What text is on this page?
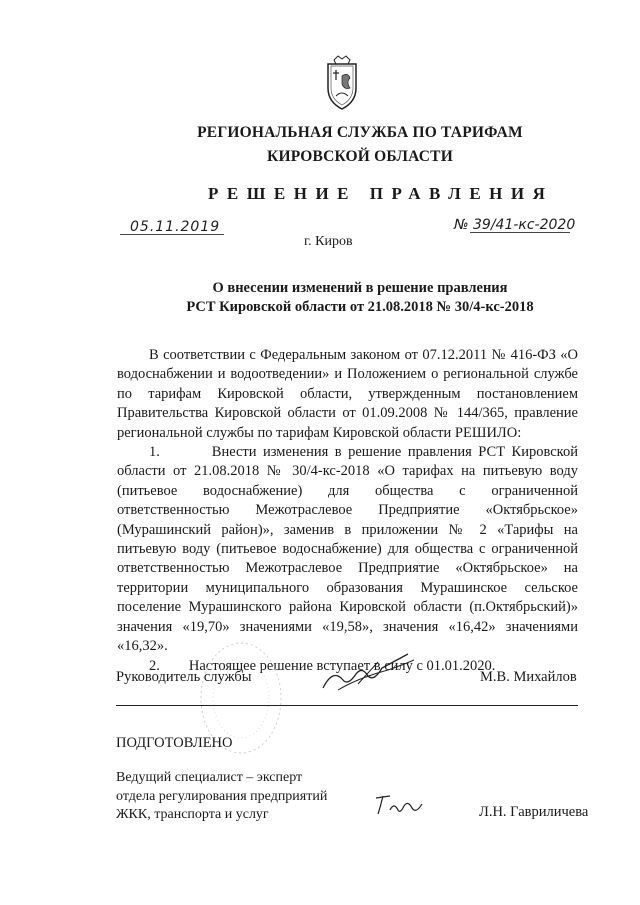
РЕГИОНАЛЬНАЯ СЛУЖБА ПО ТАРИФАМ
КИРОВСКОЙ ОБЛАСТИ
РЕШЕНИЕ ПРАВЛЕНИЯ
05.11.2019	№ 39/41-кс-2020
г. Киров
О внесении изменений в решение правления
РСТ Кировской области от 21.08.2018 № 30/4-кс-2018

В соответствии с Федеральным законом от 07.12.2011 № 416-ФЗ «О водоснабжении и водоотведении» и Положением о региональной службе по тарифам Кировской области, утвержденным постановлением Правительства Кировской области от 01.09.2008 № 144/365, правление региональной службы по тарифам Кировской области РЕШИЛО:

1.        Внести изменения в решение правления РСТ Кировской области от 21.08.2018 № 30/4-кс-2018 «О тарифах на питьевую воду (питьевое водоснабжение) для общества с ограниченной ответственностью Межотраслевое Предприятие «Октябрьское» (Мурашинский район)», заменив в приложении № 2 «Тарифы на питьевую воду (питьевое водоснабжение) для общества с ограниченной ответственностью Межотраслевое Предприятие «Октябрьское» на территории муниципального образования Мурашинское сельское поселение Мурашинского района Кировской области (п.Октябрьский)» значения «19,70» значениями «19,58», значения «16,42» значениями «16,32».

2.        Настоящее решение вступает в силу с 01.01.2020.

Руководитель службы	М.В. Михайлов
ПОДГОТОВЛЕНО
Ведущий специалист – эксперт
отдела регулирования предприятий
ЖКК, транспорта и услуг	Л.Н. Гавриличева
